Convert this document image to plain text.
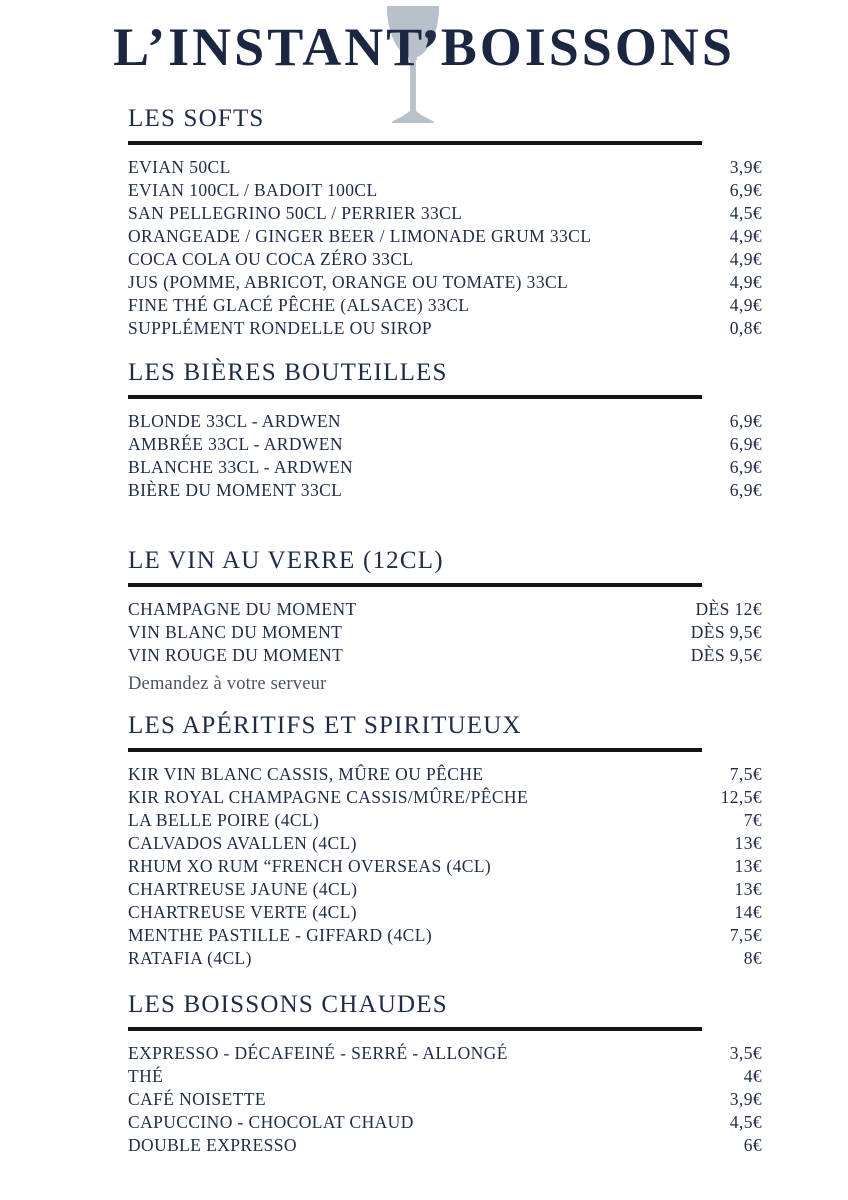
L’INSTANT BOISSONS
LES SOFTS
EVIAN 50CL	3,9€
EVIAN 100CL / BADOIT 100CL	6,9€
SAN PELLEGRINO 50CL / PERRIER 33CL	4,5€
ORANGEADE / GINGER BEER / LIMONADE GRUM 33CL	4,9€
COCA COLA OU COCA ZÉRO 33CL	4,9€
JUS (POMME, ABRICOT, ORANGE OU TOMATE) 33CL	4,9€
FINE THÉ GLACÉ PÊCHE (ALSACE) 33CL	4,9€
SUPPLÉMENT RONDELLE OU SIROP	0,8€
LES BIÈRES BOUTEILLES
BLONDE 33CL - ARDWEN	6,9€
AMBRÉE 33CL - ARDWEN	6,9€
BLANCHE 33CL - ARDWEN	6,9€
BIÈRE DU MOMENT 33CL	6,9€
LE VIN AU VERRE (12CL)
CHAMPAGNE DU MOMENT	DÈS 12€
VIN BLANC DU MOMENT	DÈS 9,5€
VIN ROUGE DU MOMENT	DÈS 9,5€
Demandez à votre serveur
LES APÉRITIFS ET SPIRITUEUX
KIR VIN BLANC CASSIS, MÛRE OU PÊCHE	7,5€
KIR ROYAL CHAMPAGNE CASSIS/MÛRE/PÊCHE	12,5€
LA BELLE POIRE (4CL)	7€
CALVADOS AVALLEN (4CL)	13€
RHUM XO RUM “FRENCH OVERSEAS (4CL)	13€
CHARTREUSE JAUNE (4CL)	13€
CHARTREUSE VERTE (4CL)	14€
MENTHE PASTILLE - GIFFARD (4CL)	7,5€
RATAFIA (4CL)	8€
LES BOISSONS CHAUDES
EXPRESSO - DÉCAFEINÉ - SERRÉ - ALLONGÉ	3,5€
THÉ	4€
CAFÉ NOISETTE	3,9€
CAPUCCINO - CHOCOLAT CHAUD	4,5€
DOUBLE EXPRESSO	6€
